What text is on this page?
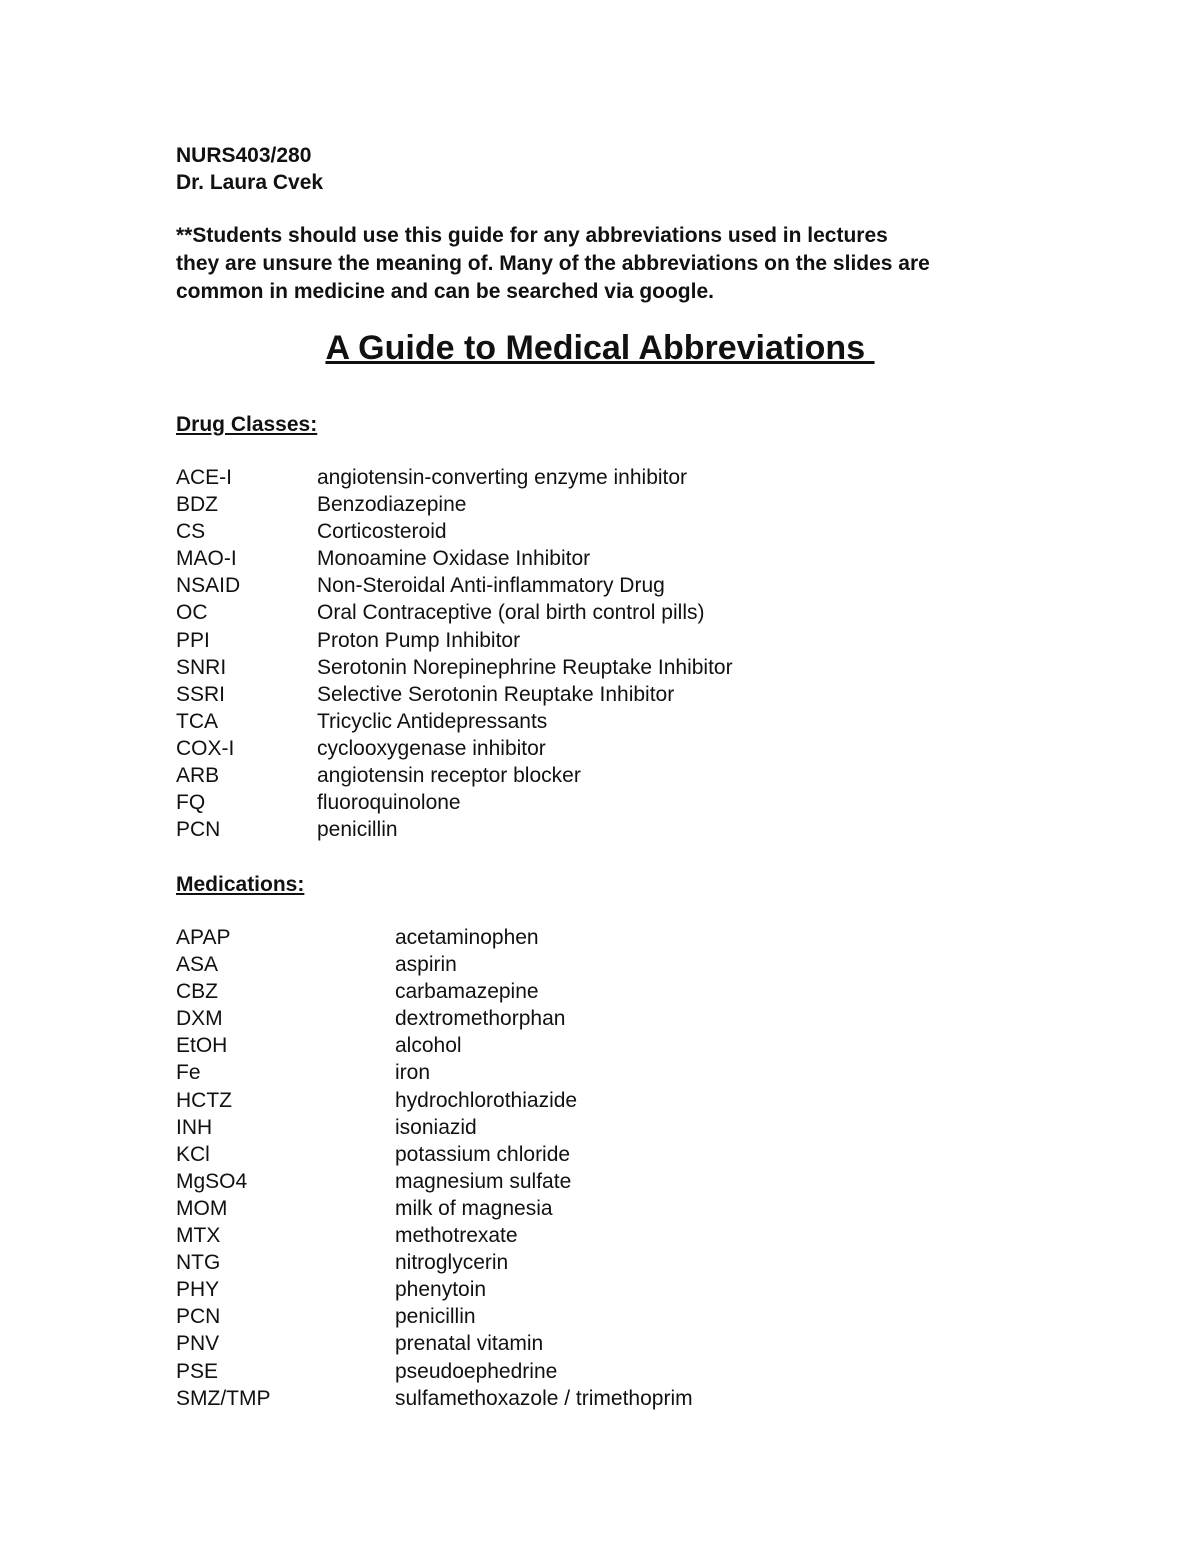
NURS403/280
Dr. Laura Cvek
**Students should use this guide for any abbreviations used in lectures
they are unsure the meaning of. Many of the abbreviations on the slides are
common in medicine and can be searched via google.
A Guide to Medical Abbreviations
Drug Classes:
ACE-I	angiotensin-converting enzyme inhibitor
BDZ	Benzodiazepine
CS	Corticosteroid
MAO-I	Monoamine Oxidase Inhibitor
NSAID	Non-Steroidal Anti-inflammatory Drug
OC	Oral Contraceptive (oral birth control pills)
PPI	Proton Pump Inhibitor
SNRI	Serotonin Norepinephrine Reuptake Inhibitor
SSRI	Selective Serotonin Reuptake Inhibitor
TCA	Tricyclic Antidepressants
COX-I	cyclooxygenase inhibitor
ARB	angiotensin receptor blocker
FQ	fluoroquinolone
PCN	penicillin
Medications:
APAP	acetaminophen
ASA	aspirin
CBZ	carbamazepine
DXM	dextromethorphan
EtOH	alcohol
Fe	iron
HCTZ	hydrochlorothiazide
INH	isoniazid
KCl	potassium chloride
MgSO4	magnesium sulfate
MOM	milk of magnesia
MTX	methotrexate
NTG	nitroglycerin
PHY	phenytoin
PCN	penicillin
PNV	prenatal vitamin
PSE	pseudoephedrine
SMZ/TMP	sulfamethoxazole / trimethoprim
